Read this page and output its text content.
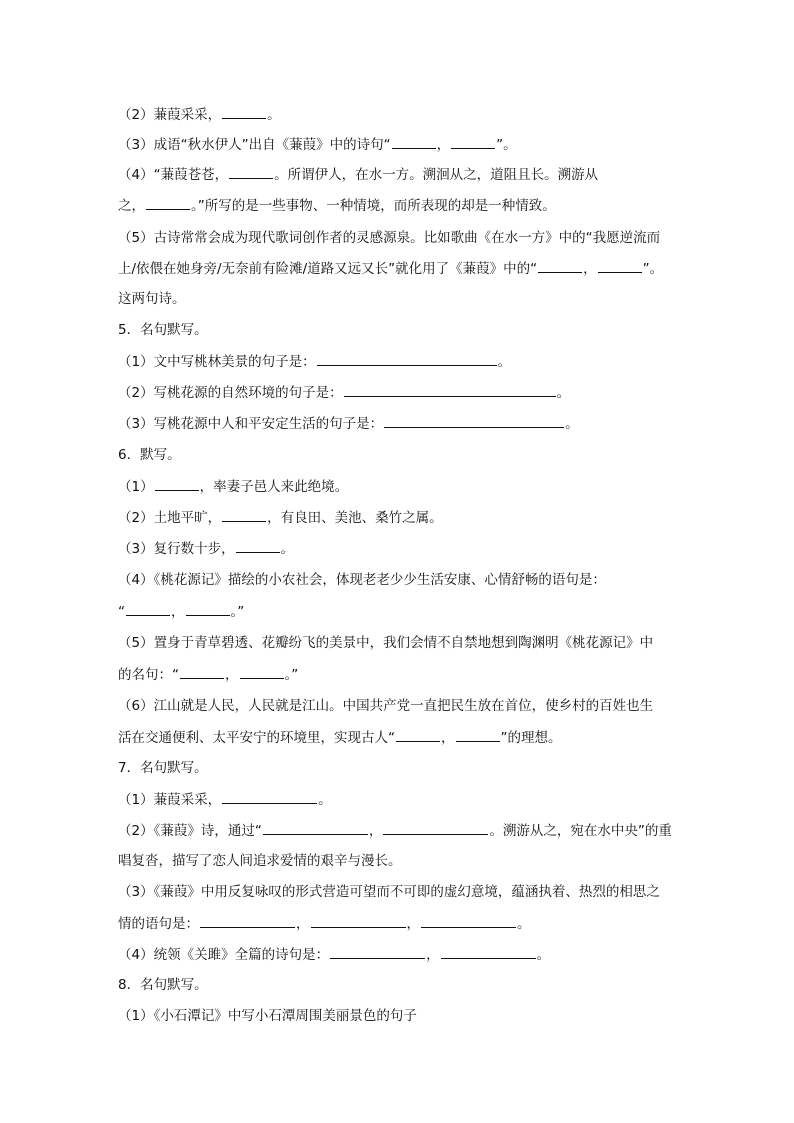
（2）蒹葭采采，	。
（3）成语“秋水伊人”出自《蒹葭》中的诗句“	，	”。
（4）“蒹葭苍苍，	。所谓伊人，在水一方。溯洄从之，道阻且长。溯游从
之，	。”所写的是一些事物、一种情境，而所表现的却是一种情致。
（5）古诗常常会成为现代歌词创作者的灵感源泉。比如歌曲《在水一方》中的“我愿逆流而
上/依偎在她身旁/无奈前有险滩/道路又远又长”就化用了《蒹葭》中的“	，	”。
这两句诗。
5．名句默写。
（1）文中写桃林美景的句子是：	。
（2）写桃花源的自然环境的句子是：	。
（3）写桃花源中人和平安定生活的句子是：	。
6．默写。
（1）	，率妻子邑人来此绝境。
（2）土地平旷，	，有良田、美池、桑竹之属。
（3）复行数十步，	。
（4）《桃花源记》描绘的小农社会，体现老老少少生活安康、心情舒畅的语句是：
“	，	。”
（5）置身于青草碧透、花瓣纷飞的美景中，我们会情不自禁地想到陶渊明《桃花源记》中
的名句：“	，	。”
（6）江山就是人民，人民就是江山。中国共产党一直把民生放在首位，使乡村的百姓也生
活在交通便利、太平安宁的环境里，实现古人“	，	”的理想。
7．名句默写。
（1）蒹葭采采，	。
（2）《蒹葭》诗，通过“	，	。溯游从之，宛在水中央”的重
唱复沓，描写了恋人间追求爱情的艰辛与漫长。
（3）《蒹葭》中用反复咏叹的形式营造可望而不可即的虚幻意境，蕴涵执着、热烈的相思之
情的语句是：	，	，	。
（4）统领《关雎》全篇的诗句是：	，	。
8．名句默写。
（1）《小石潭记》中写小石潭周围美丽景色的句子
